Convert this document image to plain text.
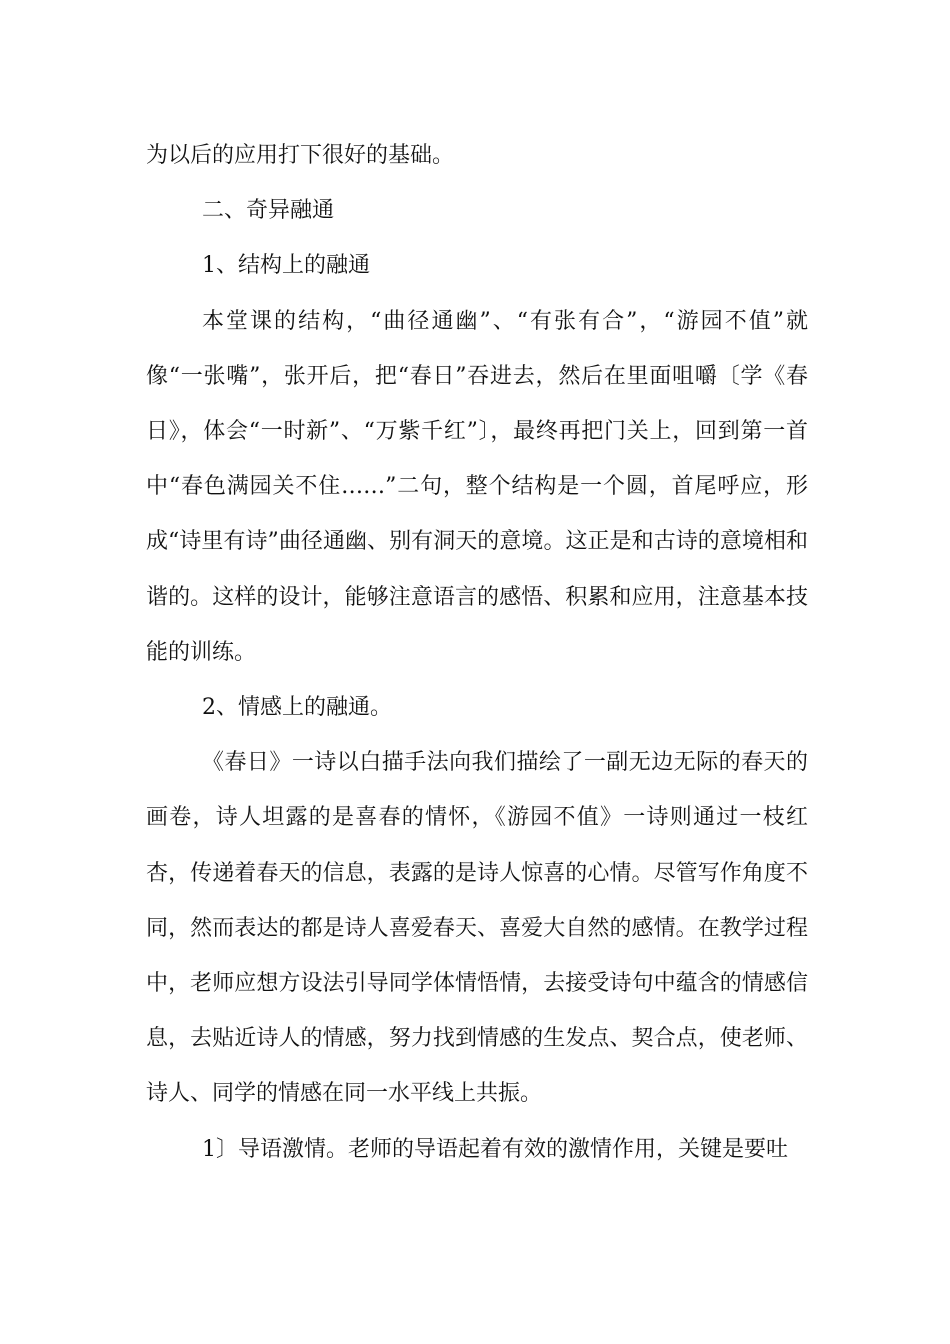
为以后的应用打下很好的基础。

二、奇异融通

1、结构上的融通

本堂课的结构，“曲径通幽”、“有张有合”，“游园不值”就像“一张嘴”，张开后，把“春日”吞进去，然后在里面咀嚼〔学《春日》，体会“一时新”、“万紫千红”〕，最终再把门关上，回到第一首中“春色满园关不住……”二句，整个结构是一个圆，首尾呼应，形成“诗里有诗”曲径通幽、别有洞天的意境。这正是和古诗的意境相和谐的。这样的设计，能够注意语言的感悟、积累和应用，注意基本技能的训练。

2、情感上的融通。

《春日》一诗以白描手法向我们描绘了一副无边无际的春天的画卷，诗人坦露的是喜春的情怀，《游园不值》一诗则通过一枝红杏，传递着春天的信息，表露的是诗人惊喜的心情。尽管写作角度不同，然而表达的都是诗人喜爱春天、喜爱大自然的感情。在教学过程中，老师应想方设法引导同学体情悟情，去接受诗句中蕴含的情感信息，去贴近诗人的情感，努力找到情感的生发点、契合点，使老师、诗人、同学的情感在同一水平线上共振。

1〕导语激情。老师的导语起着有效的激情作用，关键是要吐
